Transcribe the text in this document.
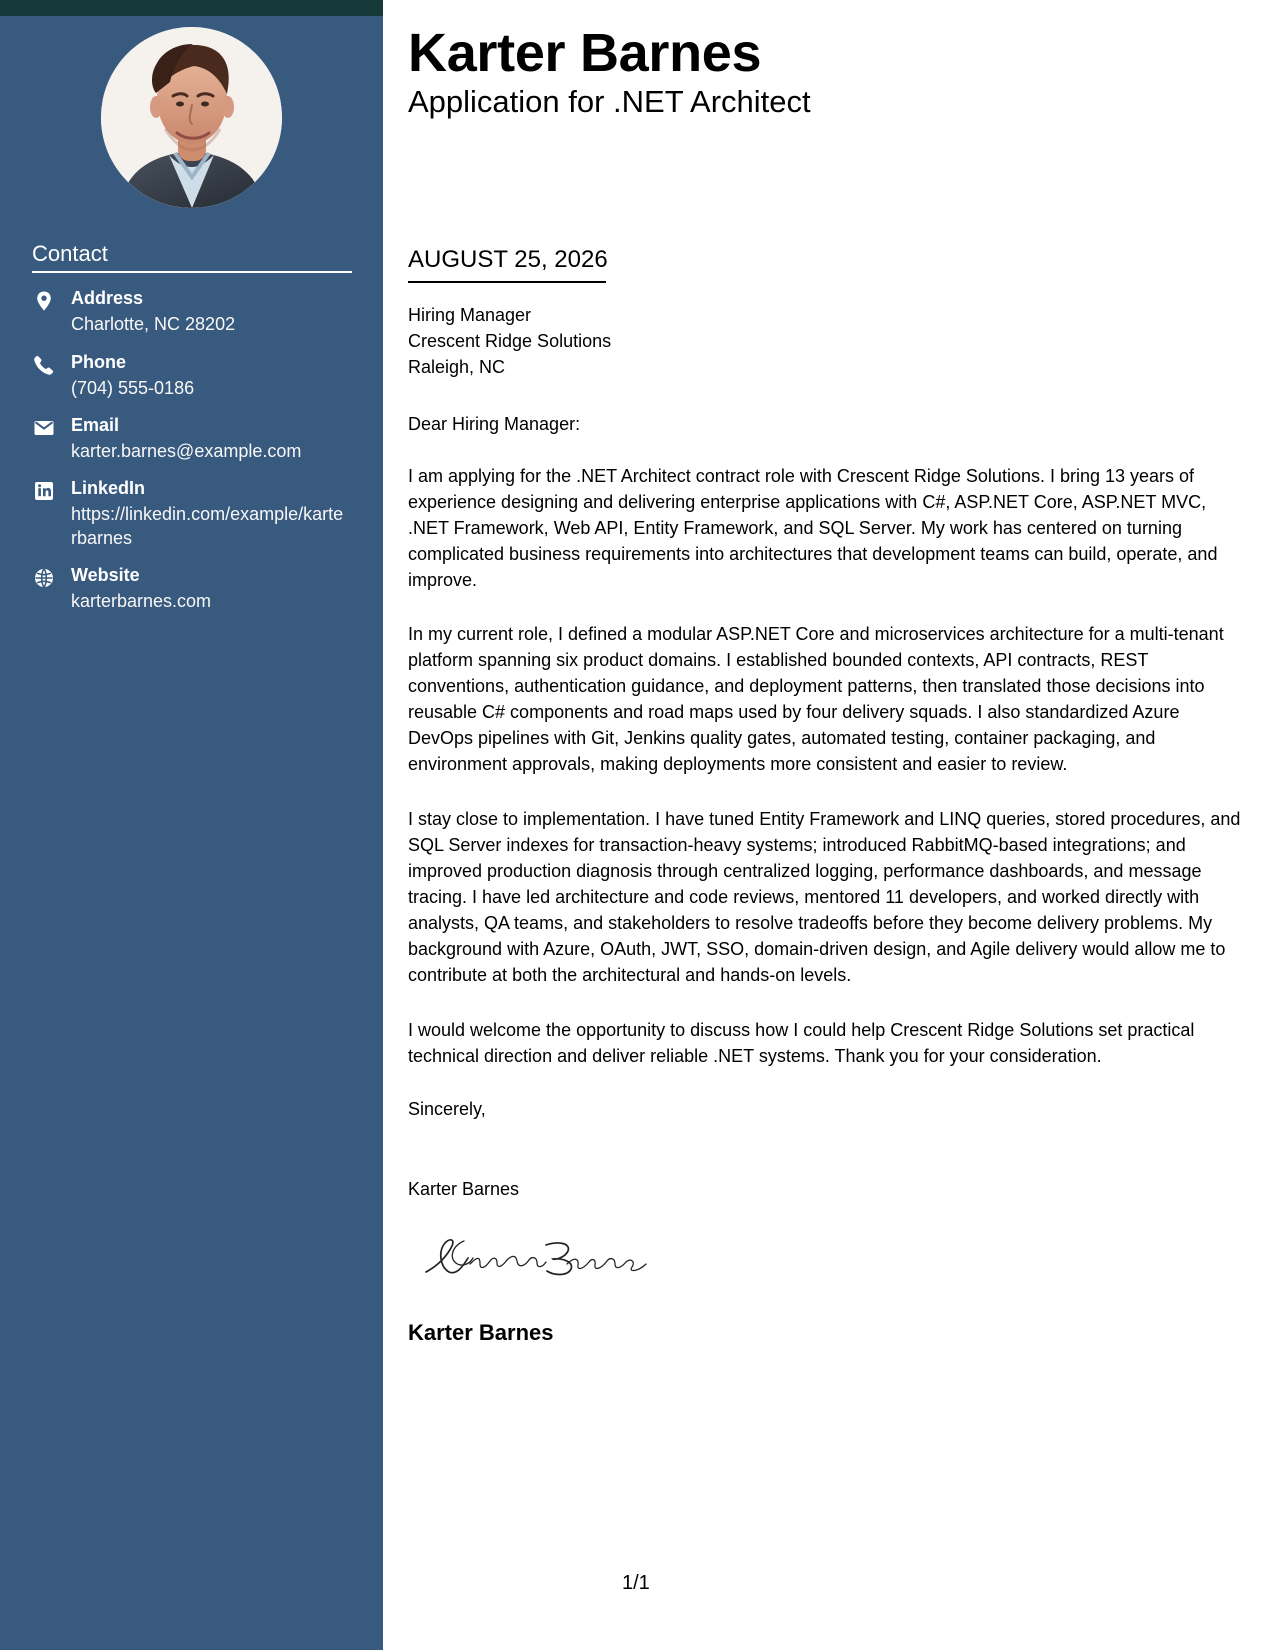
Contact
Address
Charlotte, NC 28202
Phone
(704) 555-0186
Email
karter.barnes@example.com
LinkedIn
https://linkedin.com/example/karterbarnes
Website
karterbarnes.com
Karter Barnes
Application for .NET Architect
AUGUST 25, 2026
Hiring Manager
Crescent Ridge Solutions
Raleigh, NC
Dear Hiring Manager:

I am applying for the .NET Architect contract role with Crescent Ridge Solutions. I bring 13 years of experience designing and delivering enterprise applications with C#, ASP.NET Core, ASP.NET MVC, .NET Framework, Web API, Entity Framework, and SQL Server. My work has centered on turning complicated business requirements into architectures that development teams can build, operate, and improve.

In my current role, I defined a modular ASP.NET Core and microservices architecture for a multi-tenant platform spanning six product domains. I established bounded contexts, API contracts, REST conventions, authentication guidance, and deployment patterns, then translated those decisions into reusable C# components and road maps used by four delivery squads. I also standardized Azure DevOps pipelines with Git, Jenkins quality gates, automated testing, container packaging, and environment approvals, making deployments more consistent and easier to review.

I stay close to implementation. I have tuned Entity Framework and LINQ queries, stored procedures, and SQL Server indexes for transaction-heavy systems; introduced RabbitMQ-based integrations; and improved production diagnosis through centralized logging, performance dashboards, and message tracing. I have led architecture and code reviews, mentored 11 developers, and worked directly with analysts, QA teams, and stakeholders to resolve tradeoffs before they become delivery problems. My background with Azure, OAuth, JWT, SSO, domain-driven design, and Agile delivery would allow me to contribute at both the architectural and hands-on levels.

I would welcome the opportunity to discuss how I could help Crescent Ridge Solutions set practical technical direction and deliver reliable .NET systems. Thank you for your consideration.

Sincerely,
Karter Barnes
Karter Barnes
1/1
